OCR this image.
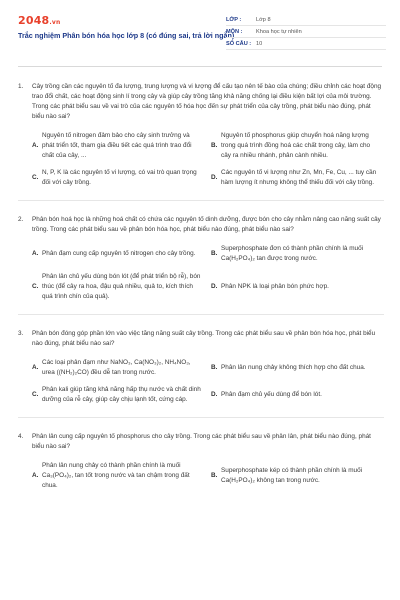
2048.vn
Trắc nghiệm Phân bón hóa học lớp 8 (có đúng sai, trả lời ngắn)
LỚP :	Lớp 8
MÔN :	Khoa học tự nhiên
SỐ CÂU : 10
1.	Cây trồng cần các nguyên tố đa lượng, trung lượng và vi lượng để cấu tạo nên tế bào của chúng; điều chỉnh các hoạt động trao đổi chất, các hoạt động sinh lí trong cây và giúp cây trồng tăng khả năng chống lại điều kiện bất lợi của môi trường. Trong các phát biểu sau về vai trò của các nguyên tố hóa học đến sự phát triển của cây trồng, phát biểu nào đúng, phát biểu nào sai?
A.
Nguyên tố nitrogen đảm bảo cho cây sinh trưởng và phát triển tốt, tham gia điều tiết các quá trình trao đổi chất của cây, ...
B.
Nguyên tố phosphorus giúp chuyển hoá năng lượng trong quá trình đồng hoá các chất trong cây, làm cho cây ra nhiều nhánh, phân cành nhiều.
C.
N, P, K là các nguyên tố vi lượng, có vai trò quan trọng đối với cây trồng.
D.
Các nguyên tố vi lượng như Zn, Mn, Fe, Cu, ... tuy cần hàm lượng ít nhưng không thể thiếu đối với cây trồng.
2.	Phân bón hoá học là những hoá chất có chứa các nguyên tố dinh dưỡng, được bón cho cây nhằm nâng cao năng suất cây trồng. Trong các phát biểu sau về phân bón hóa học, phát biểu nào đúng, phát biểu nào sai?
A. Phân đạm cung cấp nguyên tố nitrogen cho cây trồng.	B.
Superphosphate đơn có thành phần chính là muối Ca(H₂PO₄)₂ tan được trong nước.
C.
Phân lân chủ yếu dùng bón lót (để phát triển bộ rễ), bón thúc (để cây ra hoa, đậu quả nhiều, quả to, kích thích quá trình chín của quả).
D. Phân NPK là loại phân bón phức hợp.
3.	Phân bón đóng góp phần lớn vào việc tăng năng suất cây trồng. Trong các phát biểu sau về phân bón hóa học, phát biểu nào đúng, phát biểu nào sai?
A.
Các loại phân đạm như NaNO₃, Ca(NO₃)₂, NH₄NO₃, urea ((NH₂)₂CO) đều dễ tan trong nước.
B. Phân lân nung chảy không thích hợp cho đất chua.
C.
Phân kali giúp tăng khả năng hấp thụ nước và chất dinh dưỡng của rễ cây, giúp cây chịu lạnh tốt, cứng cáp.
D. Phân đạm chủ yếu dùng để bón lót.
4.	Phân lân cung cấp nguyên tố phosphorus cho cây trồng. Trong các phát biểu sau về phân lân, phát biểu nào đúng, phát biểu nào sai?
A.
Phân lân nung chảy có thành phần chính là muối Ca₃(PO₄)₂, tan tốt trong nước và tan chậm trong đất chua.
B.
Superphosphate kép có thành phần chính là muối Ca(H₂PO₄)₂ không tan trong nước.
